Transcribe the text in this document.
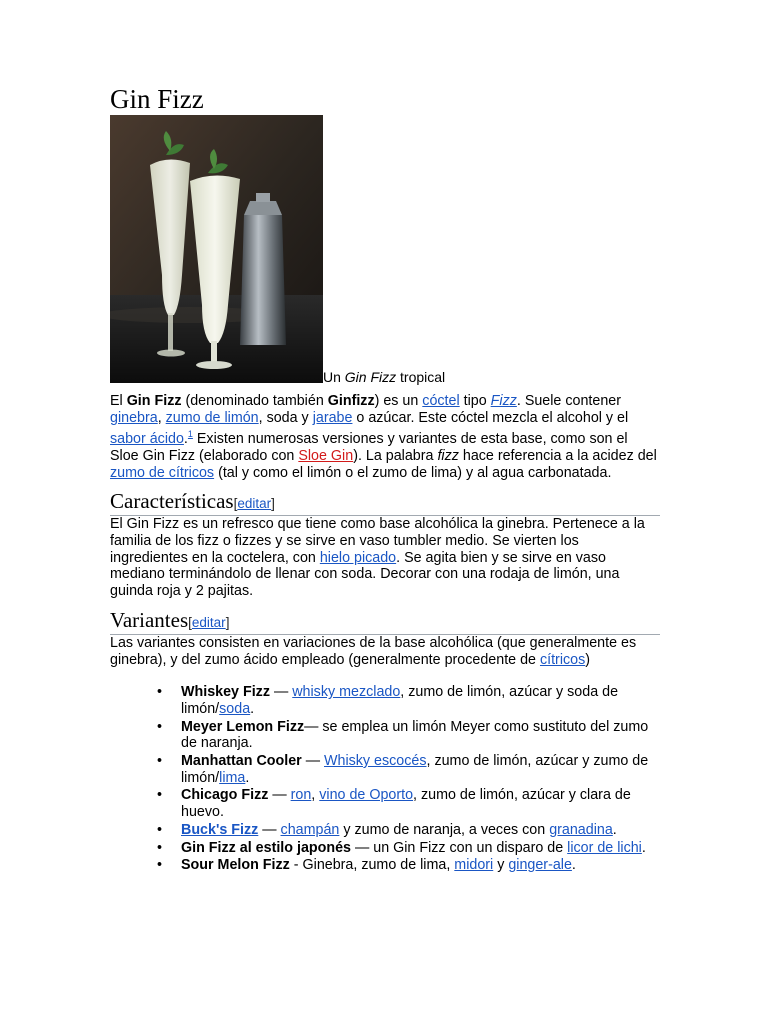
Gin Fizz
Un Gin Fizz tropical

El Gin Fizz (denominado también Ginfizz) es un cóctel tipo Fizz. Suele contener ginebra, zumo de limón, soda y jarabe o azúcar. Este cóctel mezcla el alcohol y el sabor ácido.$^1$ Existen numerosas versiones y variantes de esta base, como son el Sloe Gin Fizz (elaborado con Sloe Gin). La palabra fizz hace referencia a la acidez del zumo de cítricos (tal y como el limón o el zumo de lima) y al agua carbonatada.

Características [editar]

El Gin Fizz es un refresco que tiene como base alcohólica la ginebra. Pertenece a la familia de los fizz o fizzes y se sirve en vaso tumbler medio. Se vierten los ingredientes en la coctelera, con hielo picado. Se agita bien y se sirve en vaso mediano terminándolo de llenar con soda. Decorar con una rodaja de limón, una guinda roja y 2 pajitas.

Variantes [editar]

Las variantes consisten en variaciones de la base alcohólica (que generalmente es ginebra), y del zumo ácido empleado (generalmente procedente de cítricos)

• Whiskey Fizz — whisky mezclado, zumo de limón, azúcar y soda de limón/soda.
• Meyer Lemon Fizz— se emplea un limón Meyer como sustituto del zumo de naranja.
• Manhattan Cooler — Whisky escocés, zumo de limón, azúcar y zumo de limón/lima.
• Chicago Fizz — ron, vino de Oporto, zumo de limón, azúcar y clara de huevo.
• Buck's Fizz — champán y zumo de naranja, a veces con granadina.
• Gin Fizz al estilo japonés — un Gin Fizz con un disparo de licor de lichi.
• Sour Melon Fizz - Ginebra, zumo de lima, midori y ginger-ale.
